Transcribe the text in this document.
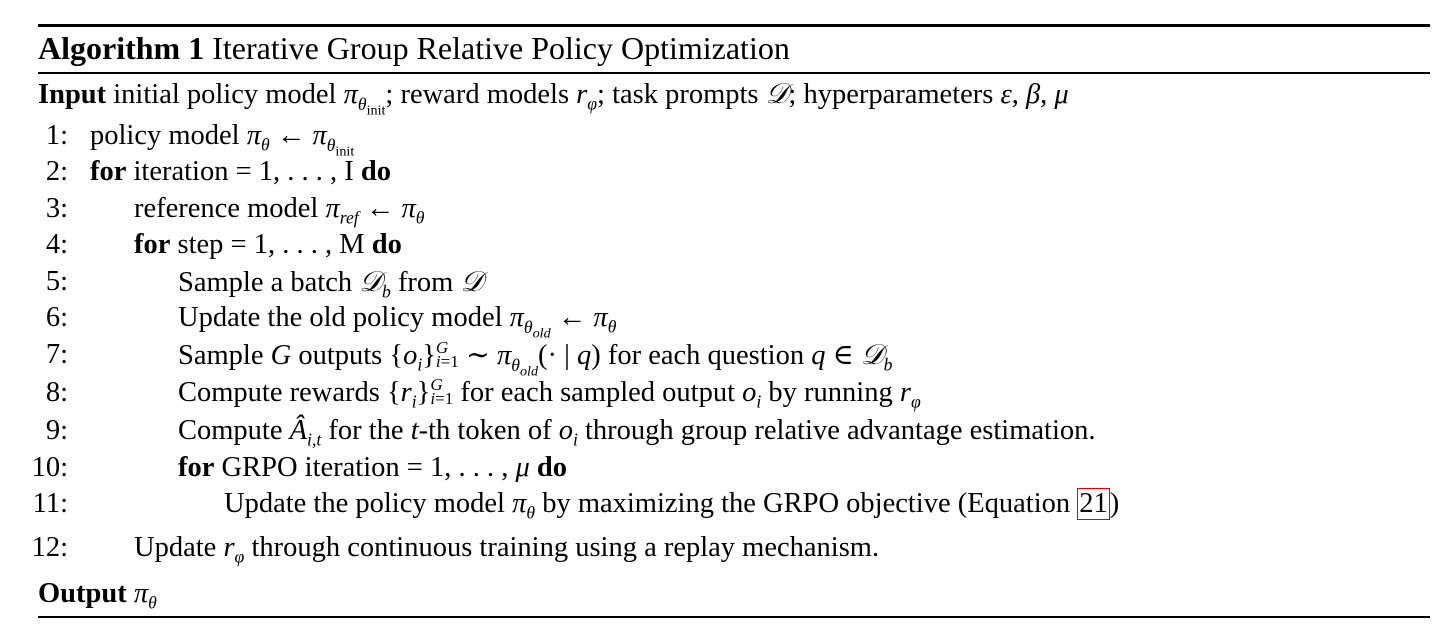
Algorithm 1 Iterative Group Relative Policy Optimization
Input initial policy model $\pi_{\theta_{init}}$; reward models $r_\varphi$; task prompts 𝒟; hyperparameters ε, β, μ
1: policy model $\pi_\theta$ ← $\pi_{\theta_{init}}$
2: for iteration = 1, . . . , I do
3: reference model $\pi_{ref}$ ← $\pi_\theta$
4: for step = 1, . . . , M do
5:	Sample a batch 𝒟$_b$ from 𝒟
6:	Update the old policy model $\pi_{\theta_{old}}$ ← $\pi_\theta$
7:	Sample G outputs $\{o_i\}$ G
i=1 ∼ $\pi_{\theta_{old}}(\cdot$ | q) for each question q ∈ 𝒟$_b$
8:	Compute rewards $\{r_i\}$ G
i=1 for each sampled output $o_i$ by running $r_\varphi$
9:	Compute $Â_{i,t}$ for the t-th token of $o_i$ through group relative advantage estimation.
10:	for GRPO iteration = 1, . . . , μ do
11:	Update the policy model $\pi_\theta$ by maximizing the GRPO objective (Equation 21)
12: Update $r_\varphi$ through continuous training using a replay mechanism.
Output $\pi_\theta$
